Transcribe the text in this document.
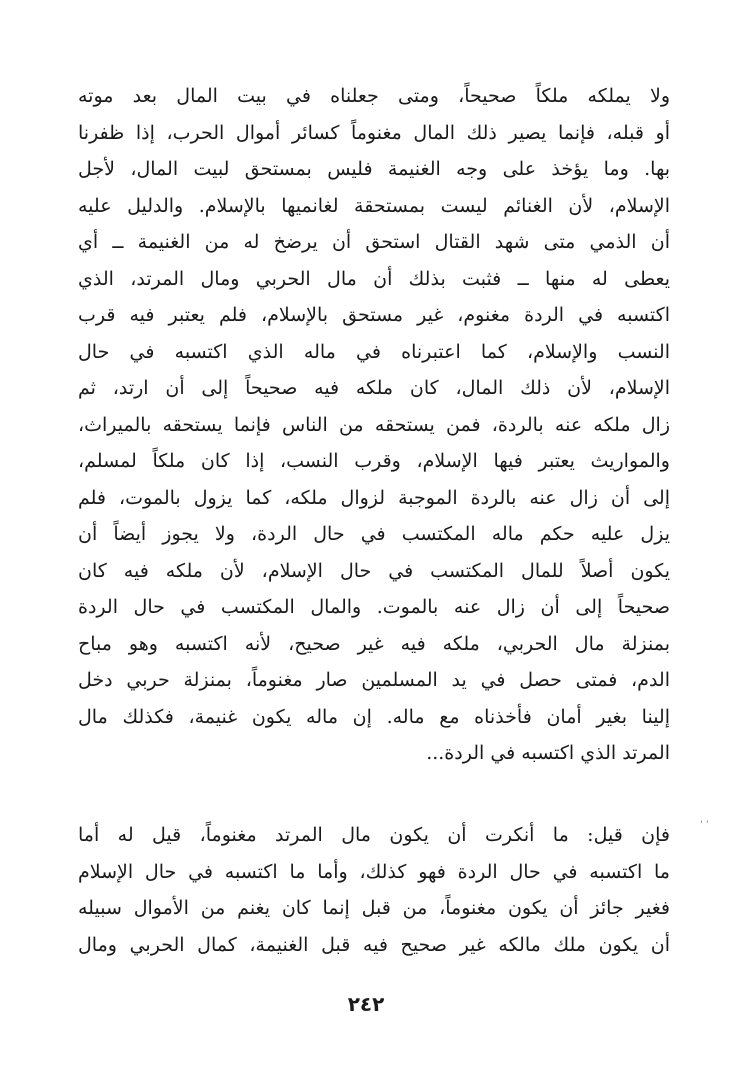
ولا يملكه ملكاً صحيحاً، ومتى جعلناه في بيت المال بعد موته
أو قبله، فإنما يصير ذلك المال مغنوماً كسائر أموال الحرب، إذا ظفرنا
بها. وما يؤخذ على وجه الغنيمة فليس بمستحق لبيت المال، لأجل
الإسلام، لأن الغنائم ليست بمستحقة لغانميها بالإسلام. والدليل عليه
أن الذمي متى شهد القتال استحق أن يرضخ له من الغنيمة ــ أي
يعطى له منها ــ فثبت بذلك أن مال الحربي ومال المرتد، الذي
اكتسبه في الردة مغنوم، غير مستحق بالإسلام، فلم يعتبر فيه قرب
النسب والإسلام، كما اعتبرناه في ماله الذي اكتسبه في حال
الإسلام، لأن ذلك المال، كان ملكه فيه صحيحاً إلى أن ارتد، ثم
زال ملكه عنه بالردة، فمن يستحقه من الناس فإنما يستحقه بالميراث،
والمواريث يعتبر فيها الإسلام، وقرب النسب، إذا كان ملكاً لمسلم،
إلى أن زال عنه بالردة الموجبة لزوال ملكه، كما يزول بالموت، فلم
يزل عليه حكم ماله المكتسب في حال الردة، ولا يجوز أيضاً أن
يكون أصلاً للمال المكتسب في حال الإسلام، لأن ملكه فيه كان
صحيحاً إلى أن زال عنه بالموت. والمال المكتسب في حال الردة
بمنزلة مال الحربي، ملكه فيه غير صحيح، لأنه اكتسبه وهو مباح
الدم، فمتى حصل في يد المسلمين صار مغنوماً، بمنزلة حربي دخل
إلينا بغير أمان فأخذناه مع ماله. إن ماله يكون غنيمة، فكذلك مال
المرتد الذي اكتسبه في الردة...
فإن قيل: ما أنكرت أن يكون مال المرتد مغنوماً، قيل له أما
ما اكتسبه في حال الردة فهو كذلك، وأما ما اكتسبه في حال الإسلام
فغير جائز أن يكون مغنوماً، من قبل إنما كان يغنم من الأموال سبيله
أن يكون ملك مالكه غير صحيح فيه قبل الغنيمة، كمال الحربي ومال
ˈ ˈ
٢٤٢
